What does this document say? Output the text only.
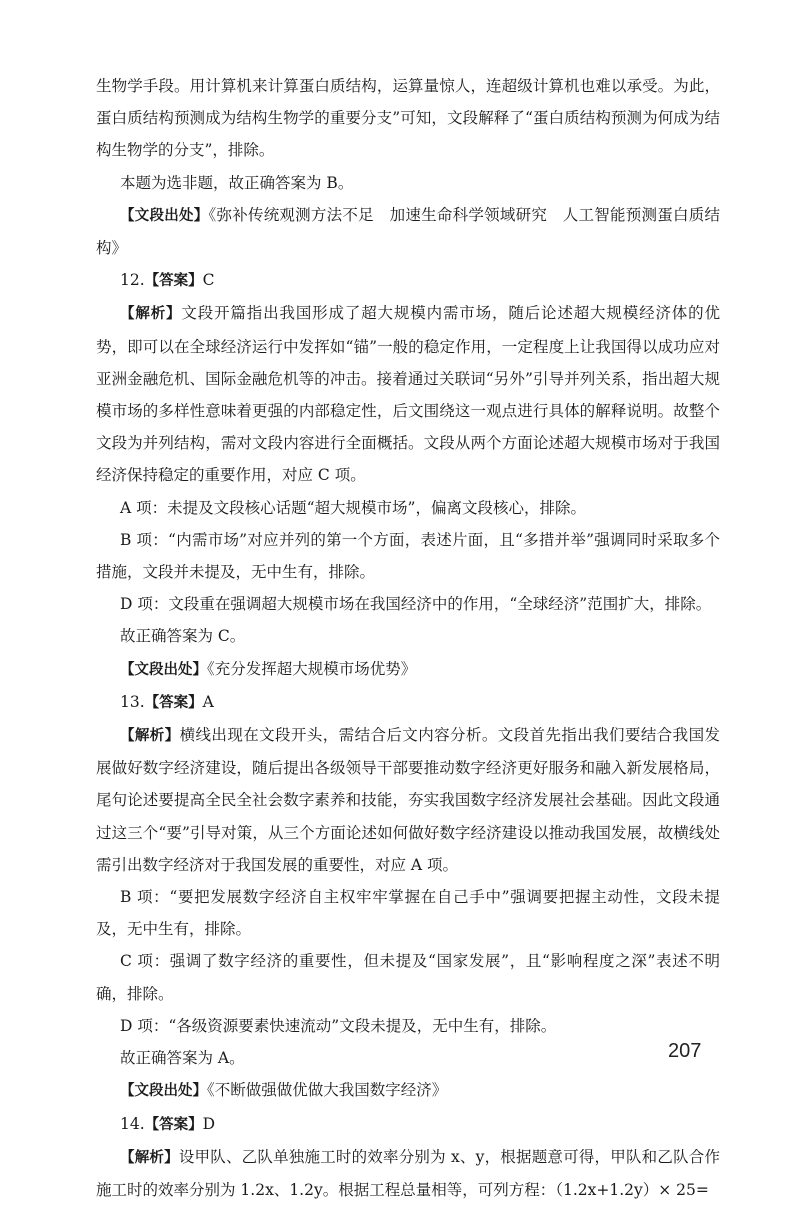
生物学手段。用计算机来计算蛋白质结构，运算量惊人，连超级计算机也难以承受。为此，蛋白质结构预测成为结构生物学的重要分支”可知，文段解释了“蛋白质结构预测为何成为结构生物学的分支”，排除。

本题为选非题，故正确答案为 B。

【文段出处】《弥补传统观测方法不足　加速生命科学领域研究　人工智能预测蛋白质结构》

12.【答案】C

【解析】文段开篇指出我国形成了超大规模内需市场，随后论述超大规模经济体的优势，即可以在全球经济运行中发挥如“锚”一般的稳定作用，一定程度上让我国得以成功应对亚洲金融危机、国际金融危机等的冲击。接着通过关联词“另外”引导并列关系，指出超大规模市场的多样性意味着更强的内部稳定性，后文围绕这一观点进行具体的解释说明。故整个文段为并列结构，需对文段内容进行全面概括。文段从两个方面论述超大规模市场对于我国经济保持稳定的重要作用，对应 C 项。

A 项：未提及文段核心话题“超大规模市场”，偏离文段核心，排除。

B 项：“内需市场”对应并列的第一个方面，表述片面，且“多措并举”强调同时采取多个措施，文段并未提及，无中生有，排除。

D 项：文段重在强调超大规模市场在我国经济中的作用，“全球经济”范围扩大，排除。

故正确答案为 C。

【文段出处】《充分发挥超大规模市场优势》

13.【答案】A

【解析】横线出现在文段开头，需结合后文内容分析。文段首先指出我们要结合我国发展做好数字经济建设，随后提出各级领导干部要推动数字经济更好服务和融入新发展格局，尾句论述要提高全民全社会数字素养和技能，夯实我国数字经济发展社会基础。因此文段通过这三个“要”引导对策，从三个方面论述如何做好数字经济建设以推动我国发展，故横线处需引出数字经济对于我国发展的重要性，对应 A 项。

B 项：“要把发展数字经济自主权牢牢掌握在自己手中”强调要把握主动性，文段未提及，无中生有，排除。

C 项：强调了数字经济的重要性，但未提及“国家发展”，且“影响程度之深”表述不明确，排除。

D 项：“各级资源要素快速流动”文段未提及，无中生有，排除。

故正确答案为 A。

【文段出处】《不断做强做优做大我国数字经济》

14.【答案】D

【解析】设甲队、乙队单独施工时的效率分别为 x、y，根据题意可得，甲队和乙队合作施工时的效率分别为 1.2x、1.2y。根据工程总量相等，可列方程：（1.2x+1.2y）× 25=

207
